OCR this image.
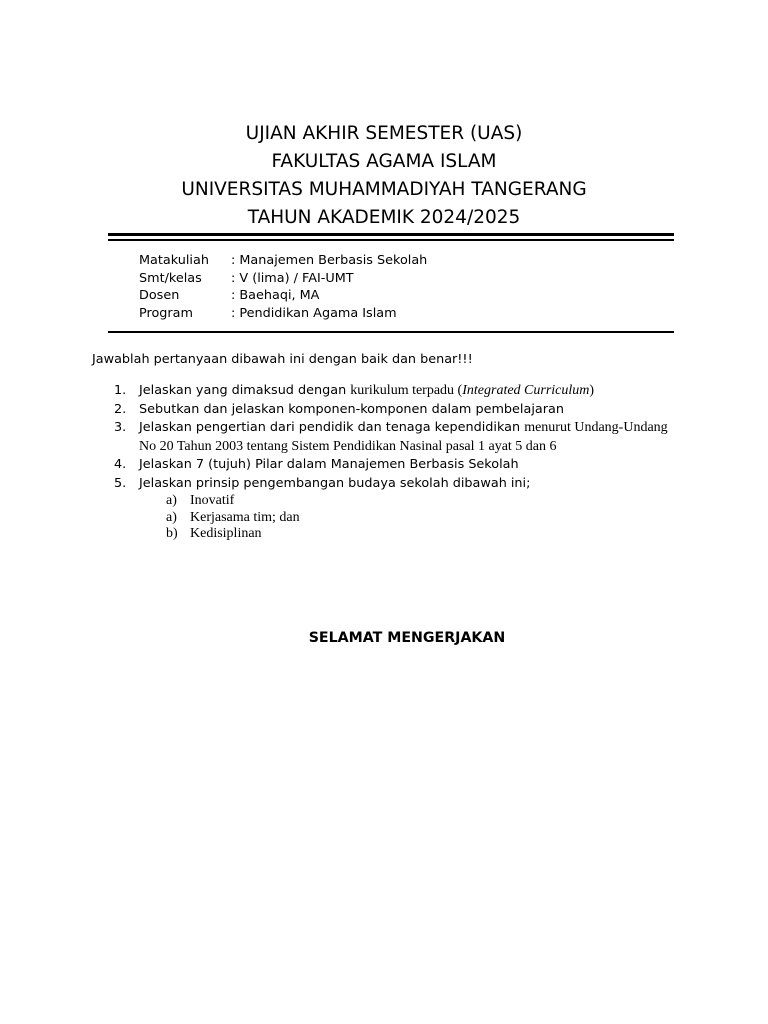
UJIAN AKHIR SEMESTER (UAS)
FAKULTAS AGAMA ISLAM
UNIVERSITAS MUHAMMADIYAH TANGERANG
TAHUN AKADEMIK 2024/2025
Matakuliah	: Manajemen Berbasis Sekolah
Smt/kelas	: V (lima) / FAI-UMT
Dosen	: Baehaqi, MA
Program	: Pendidikan Agama Islam
Jawablah pertanyaan dibawah ini dengan baik dan benar!!!
1. Jelaskan yang dimaksud dengan kurikulum terpadu (Integrated Curriculum)
2. Sebutkan dan jelaskan komponen-komponen dalam pembelajaran
3. Jelaskan pengertian dari pendidik dan tenaga kependidikan menurut Undang-Undang No 20 Tahun 2003 tentang Sistem Pendidikan Nasinal pasal 1 ayat 5 dan 6
4. Jelaskan 7 (tujuh) Pilar dalam Manajemen Berbasis Sekolah
5. Jelaskan prinsip pengembangan budaya sekolah dibawah ini;
a) Inovatif
a) Kerjasama tim; dan
b) Kedisiplinan
SELAMAT MENGERJAKAN
